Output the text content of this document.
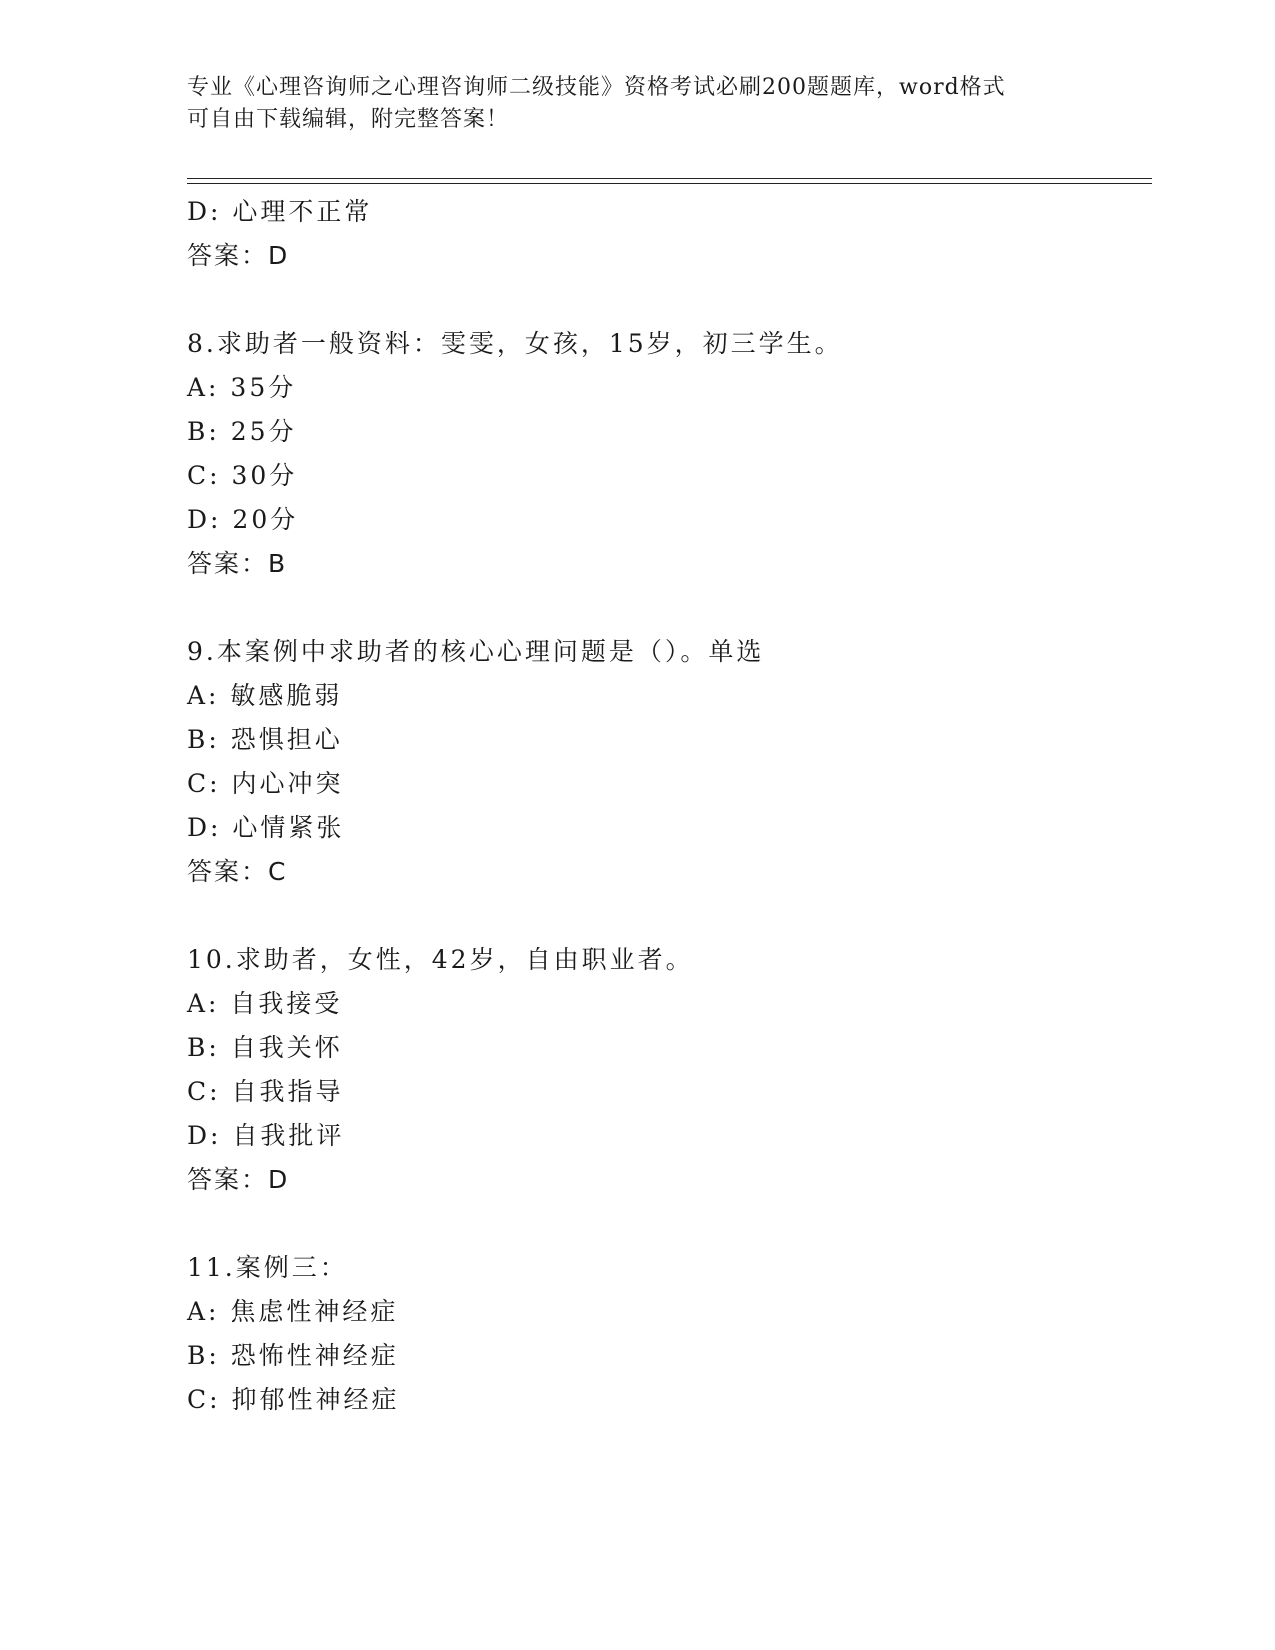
专业《心理咨询师之心理咨询师二级技能》资格考试必刷200题题库，word格式
可自由下载编辑，附完整答案！
D: 心理不正常
答案：D
8.求助者一般资料：雯雯，女孩，15岁，初三学生。
A: 35分
B: 25分
C: 30分
D: 20分
答案：B
9.本案例中求助者的核心心理问题是（）。单选
A: 敏感脆弱
B: 恐惧担心
C: 内心冲突
D: 心情紧张
答案：C
10.求助者，女性，42岁，自由职业者。
A: 自我接受
B: 自我关怀
C: 自我指导
D: 自我批评
答案：D
11.案例三：
A: 焦虑性神经症
B: 恐怖性神经症
C: 抑郁性神经症
